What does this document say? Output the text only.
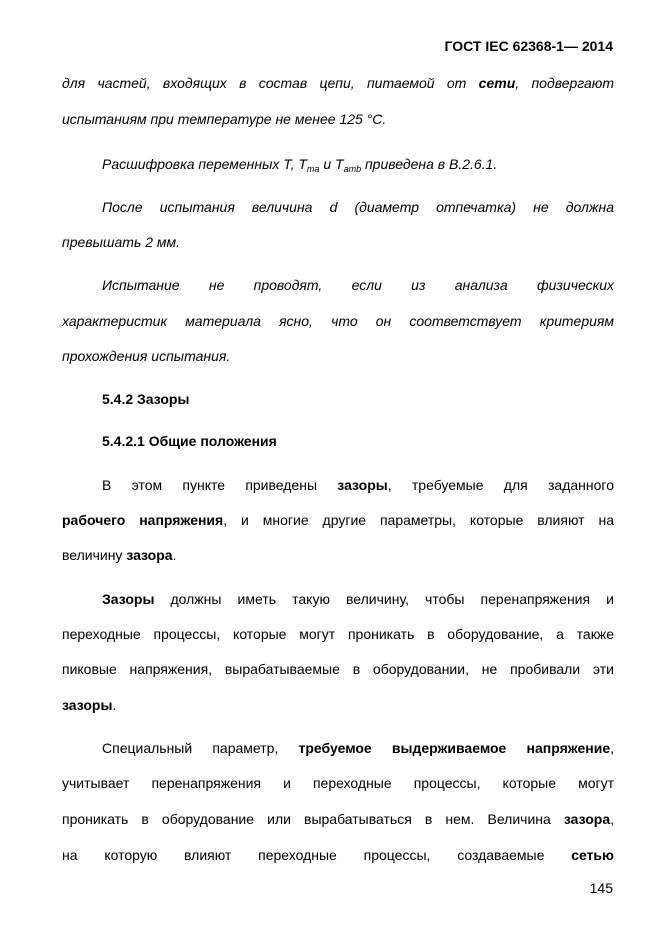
ГОСТ IEC 62368-1— 2014
для частей, входящих в состав цепи, питаемой от сети, подвергают
испытаниям при температуре не менее 125 °С.
Расшифровка переменных Т, $Т_{ma}$ и $Т_{amb}$ приведена в В.2.6.1.
После испытания величина d (диаметр отпечатка) не должна
превышать 2 мм.
Испытание не проводят, если из анализа физических
характеристик материала ясно, что он соответствует критериям
прохождения испытания.
5.4.2 Зазоры
5.4.2.1 Общие положения
В этом пункте приведены зазоры, требуемые для заданного
рабочего напряжения, и многие другие параметры, которые влияют на
величину зазора.
Зазоры должны иметь такую величину, чтобы перенапряжения и
переходные процессы, которые могут проникать в оборудование, а также
пиковые напряжения, вырабатываемые в оборудовании, не пробивали эти
зазоры.
Специальный параметр, требуемое выдерживаемое напряжение,
учитывает перенапряжения и переходные процессы, которые могут
проникать в оборудование или вырабатываться в нем. Величина зазора,
на которую влияют переходные процессы, создаваемые сетью
145
